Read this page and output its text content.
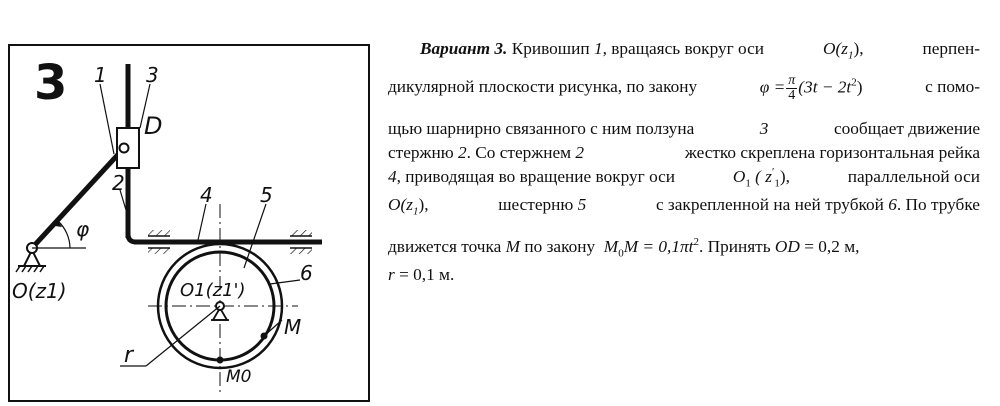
3
φ
1 3
D
2	4 5
6
O(z1)	O1(z1')
r
M
M0
Вариант 3. Кривошип 1, вращаясь вокруг оси	$O(z_1)$,	перпен-
дикулярной плоскости рисунка, по закону	$\varphi = \frac{\pi}{4} (3t - 2t^2)$	с помо-
щью шарнирно связанного с ним ползуна	3	сообщает движение
стержню 2. Со стержнем 2	жестко скреплена горизонтальная рейка
4, приводящая во вращение вокруг оси	$O_1$ ( $z'_1$),	параллельной оси
$O(z_1)$,	шестерню 5	с закрепленной на ней трубкой 6. По трубке
движется точка M по закону $M_0M = 0,1\pi t^2$. Принять OD = 0,2 м,
r = 0,1 м.
